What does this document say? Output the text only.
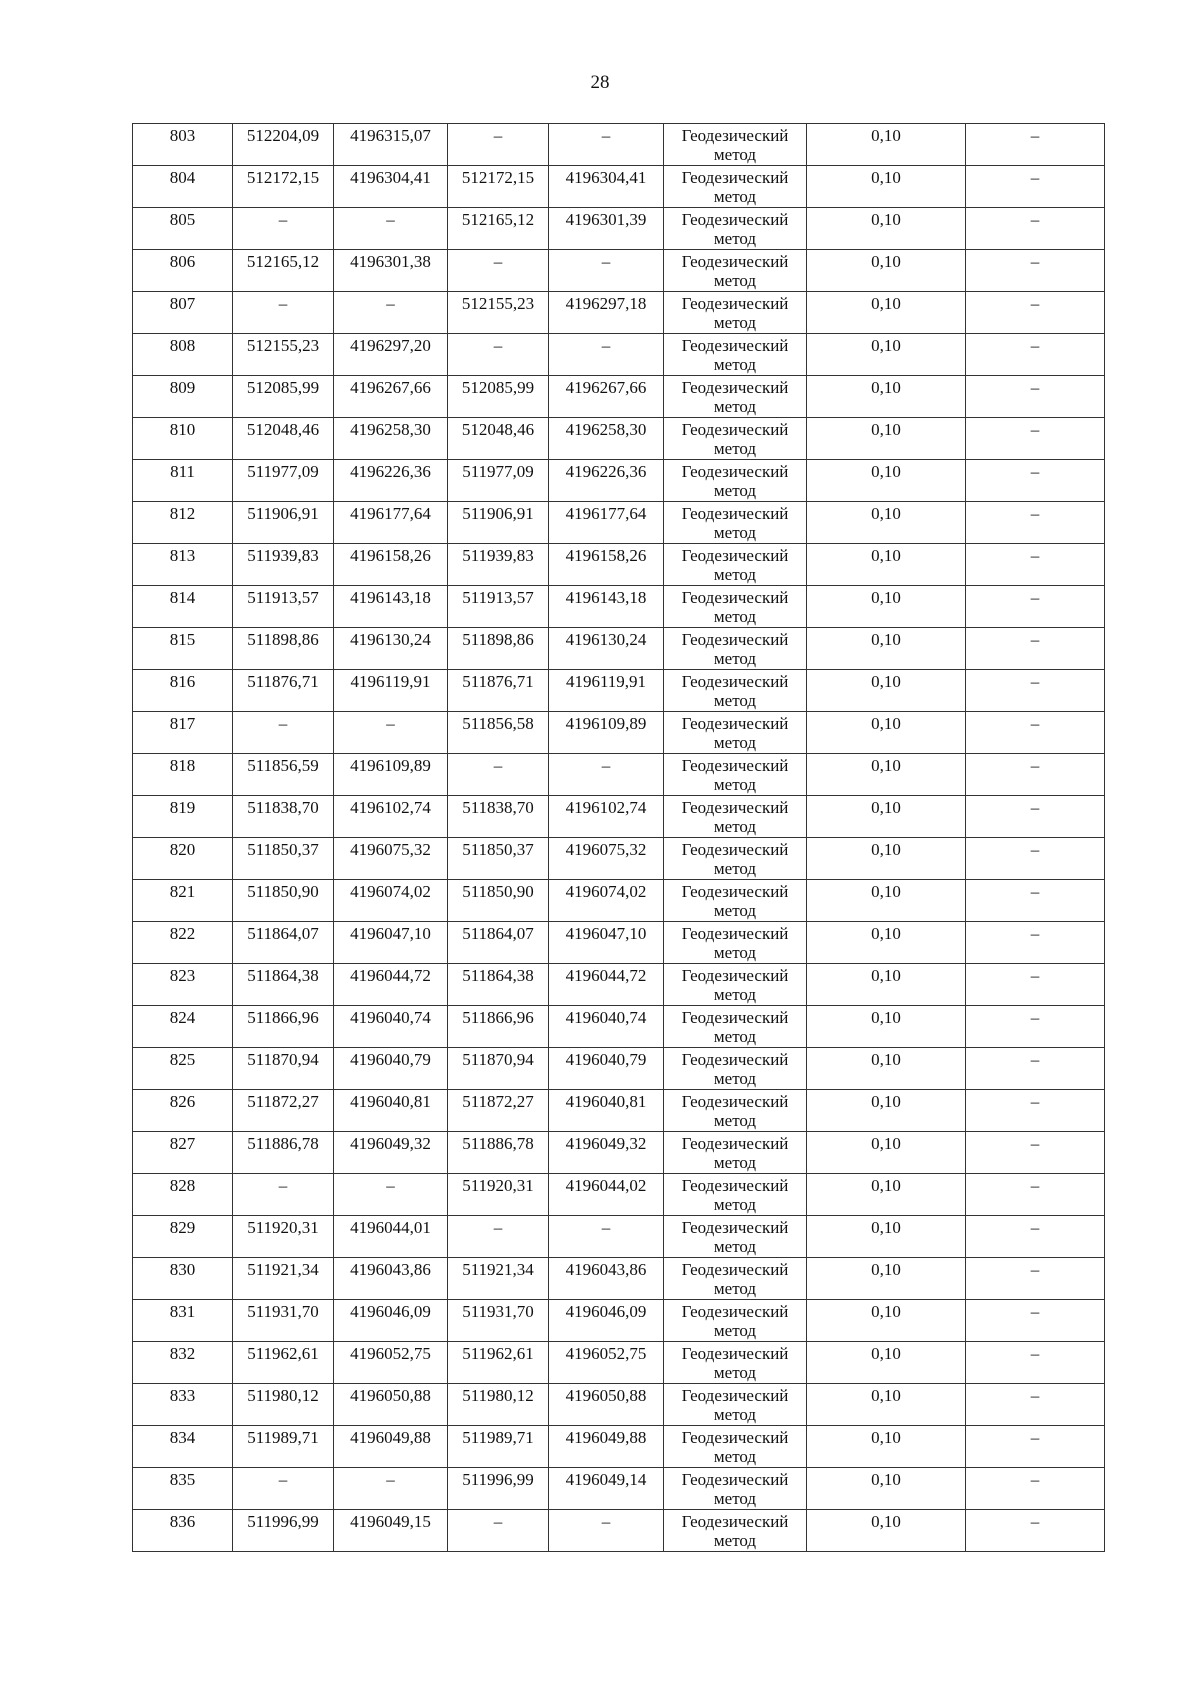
28
803	512204,09	4196315,07	–	–	Геодезический метод	0,10	–
804	512172,15	4196304,41	512172,15	4196304,41	Геодезический метод	0,10	–
805	–	–	512165,12	4196301,39	Геодезический метод	0,10	–
806	512165,12	4196301,38	–	–	Геодезический метод	0,10	–
807	–	–	512155,23	4196297,18	Геодезический метод	0,10	–
808	512155,23	4196297,20	–	–	Геодезический метод	0,10	–
809	512085,99	4196267,66	512085,99	4196267,66	Геодезический метод	0,10	–
810	512048,46	4196258,30	512048,46	4196258,30	Геодезический метод	0,10	–
811	511977,09	4196226,36	511977,09	4196226,36	Геодезический метод	0,10	–
812	511906,91	4196177,64	511906,91	4196177,64	Геодезический метод	0,10	–
813	511939,83	4196158,26	511939,83	4196158,26	Геодезический метод	0,10	–
814	511913,57	4196143,18	511913,57	4196143,18	Геодезический метод	0,10	–
815	511898,86	4196130,24	511898,86	4196130,24	Геодезический метод	0,10	–
816	511876,71	4196119,91	511876,71	4196119,91	Геодезический метод	0,10	–
817	–	–	511856,58	4196109,89	Геодезический метод	0,10	–
818	511856,59	4196109,89	–	–	Геодезический метод	0,10	–
819	511838,70	4196102,74	511838,70	4196102,74	Геодезический метод	0,10	–
820	511850,37	4196075,32	511850,37	4196075,32	Геодезический метод	0,10	–
821	511850,90	4196074,02	511850,90	4196074,02	Геодезический метод	0,10	–
822	511864,07	4196047,10	511864,07	4196047,10	Геодезический метод	0,10	–
823	511864,38	4196044,72	511864,38	4196044,72	Геодезический метод	0,10	–
824	511866,96	4196040,74	511866,96	4196040,74	Геодезический метод	0,10	–
825	511870,94	4196040,79	511870,94	4196040,79	Геодезический метод	0,10	–
826	511872,27	4196040,81	511872,27	4196040,81	Геодезический метод	0,10	–
827	511886,78	4196049,32	511886,78	4196049,32	Геодезический метод	0,10	–
828	–	–	511920,31	4196044,02	Геодезический метод	0,10	–
829	511920,31	4196044,01	–	–	Геодезический метод	0,10	–
830	511921,34	4196043,86	511921,34	4196043,86	Геодезический метод	0,10	–
831	511931,70	4196046,09	511931,70	4196046,09	Геодезический метод	0,10	–
832	511962,61	4196052,75	511962,61	4196052,75	Геодезический метод	0,10	–
833	511980,12	4196050,88	511980,12	4196050,88	Геодезический метод	0,10	–
834	511989,71	4196049,88	511989,71	4196049,88	Геодезический метод	0,10	–
835	–	–	511996,99	4196049,14	Геодезический метод	0,10	–
836	511996,99	4196049,15	–	–	Геодезический метод	0,10	–
